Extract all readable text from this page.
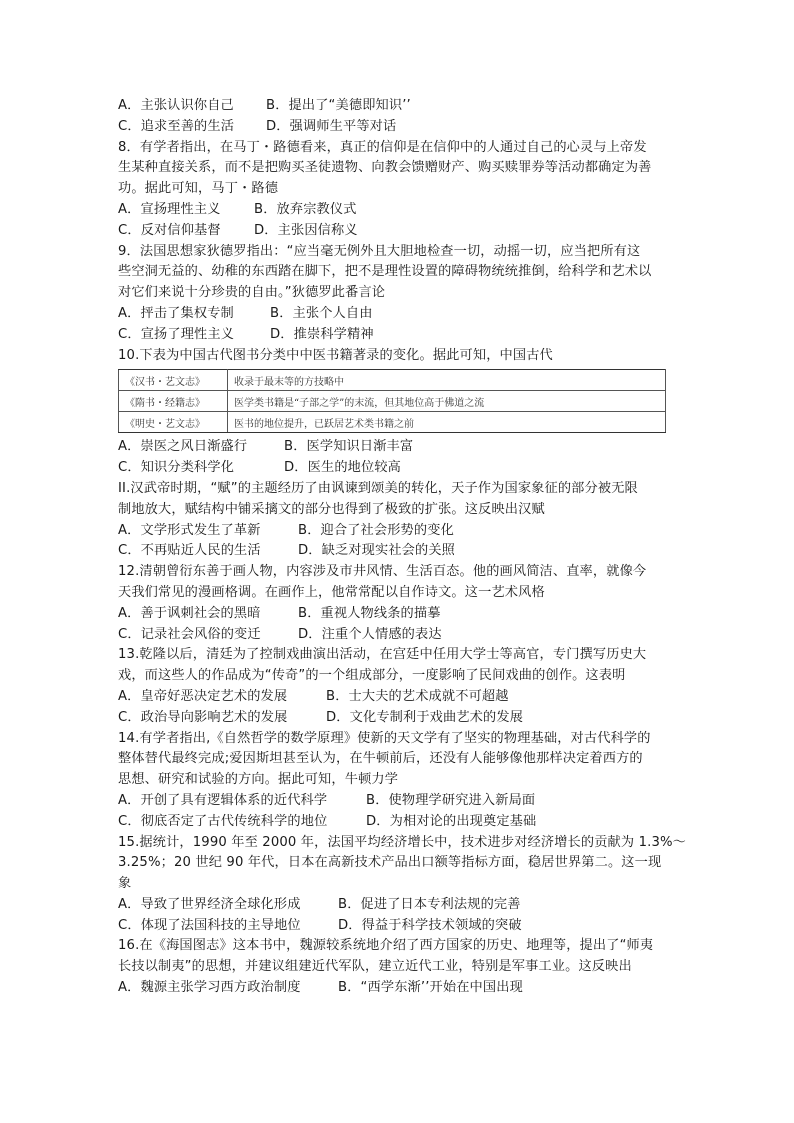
A．主张认识你自己	B．提出了“美德即知识’’
C．追求至善的生活	D．强调师生平等对话
8．有学者指出，在马丁・路德看来，真正的信仰是在信仰中的人通过自己的心灵与上帝发
生某种直接关系，而不是把购买圣徒遗物、向教会馈赠财产、购买赎罪券等活动都确定为善
功。据此可知，马丁・路德
A．宣扬理性主义	B．放弃宗教仪式
C．反对信仰基督	D．主张因信称义
9．法国思想家狄德罗指出：“应当毫无例外且大胆地检查一切，动摇一切，应当把所有这
些空洞无益的、幼稚的东西踏在脚下，把不是理性设置的障碍物统统推倒，给科学和艺术以
对它们来说十分珍贵的自由。”狄德罗此番言论
A．抨击了集权专制	B．主张个人自由
C．宣扬了理性主义	D．推崇科学精神
10.下表为中国古代图书分类中中医书籍著录的变化。据此可知，中国古代
《汉书・艺文志》	收录于最末等的方技略中
《隋书・经籍志》	医学类书籍是“子部之学”的末流，但其地位高于佛道之流
《明史・艺文志》	医书的地位提升，已跃居艺术类书籍之前
A．崇医之风日渐盛行	B．医学知识日渐丰富
C．知识分类科学化	D．医生的地位较高
II.汉武帝时期，“赋”的主题经历了由讽谏到颂美的转化，天子作为国家象征的部分被无限
制地放大，赋结构中铺采摛文的部分也得到了极致的扩张。这反映出汉赋
A．文学形式发生了革新	B．迎合了社会形势的变化
C．不再贴近人民的生活	D．缺乏对现实社会的关照
12.清朝曾衍东善于画人物，内容涉及市井风情、生活百态。他的画风简洁、直率，就像今
天我们常见的漫画格调。在画作上，他常常配以自作诗文。这一艺术风格
A．善于讽刺社会的黑暗	B．重视人物线条的描摹
C．记录社会风俗的变迁	D．注重个人情感的表达
13.乾隆以后，清廷为了控制戏曲演出活动，在宫廷中任用大学士等高官，专门撰写历史大
戏，而这些人的作品成为“传奇”的一个组成部分，一度影响了民间戏曲的创作。这表明
A．皇帝好恶决定艺术的发展	B．士大夫的艺术成就不可超越
C．政治导向影响艺术的发展	D．文化专制利于戏曲艺术的发展
14.有学者指出,《自然哲学的数学原理》使新的天文学有了坚实的物理基础，对古代科学的
整体替代最终完成;爱因斯坦甚至认为，在牛顿前后，还没有人能够像他那样决定着西方的
思想、研究和试验的方向。据此可知，牛顿力学
A．开创了具有逻辑体系的近代科学	B．使物理学研究进入新局面
C．彻底否定了古代传统科学的地位	D．为相对论的出现奠定基础
15.据统计，1990 年至 2000 年，法国平均经济增长中，技术进步对经济增长的贡献为 1.3%～
3.25%；20 世纪 90 年代，日本在高新技术产品出口额等指标方面，稳居世界第二。这一现
象
A．导致了世界经济全球化形成	B．促进了日本专利法规的完善
C．体现了法国科技的主导地位	D．得益于科学技术领域的突破
16.在《海国图志》这本书中，魏源较系统地介绍了西方国家的历史、地理等，提出了“师夷
长技以制夷”的思想，并建议组建近代军队，建立近代工业，特别是军事工业。这反映出
A．魏源主张学习西方政治制度	B．“西学东渐’’开始在中国出现
